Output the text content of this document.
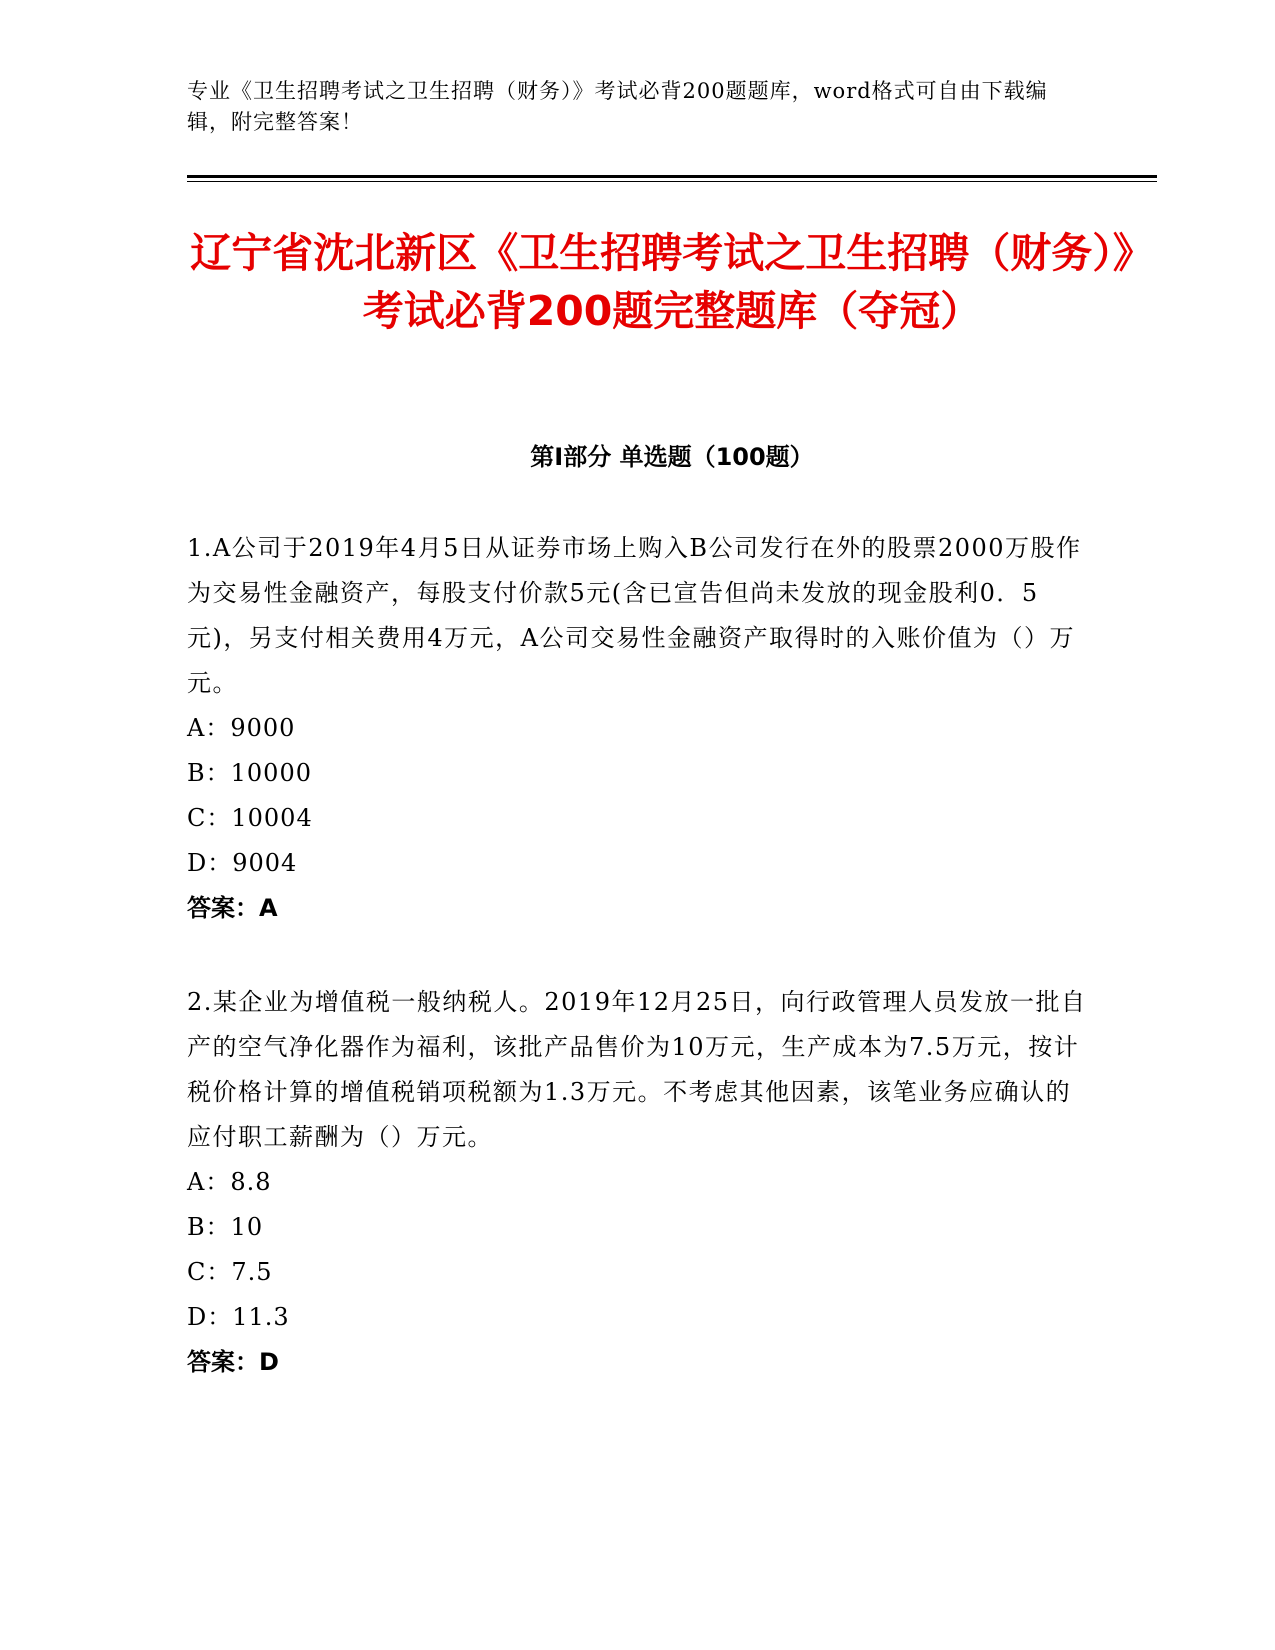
专业《卫生招聘考试之卫生招聘（财务）》考试必背200题题库，word格式可自由下载编辑，附完整答案！
辽宁省沈北新区《卫生招聘考试之卫生招聘（财务）》考试必背200题完整题库（夺冠）
第I部分 单选题（100题）

1.A公司于2019年4月5日从证券市场上购入B公司发行在外的股票2000万股作为交易性金融资产，每股支付价款5元(含已宣告但尚未发放的现金股利0．5元)，另支付相关费用4万元，A公司交易性金融资产取得时的入账价值为（）万元。

A：9000

B：10000

C：10004

D：9004

答案：A

2.某企业为增值税一般纳税人。2019年12月25日，向行政管理人员发放一批自产的空气净化器作为福利，该批产品售价为10万元，生产成本为7.5万元，按计税价格计算的增值税销项税额为1.3万元。不考虑其他因素，该笔业务应确认的应付职工薪酬为（）万元。

A：8.8

B：10

C：7.5

D：11.3

答案：D
